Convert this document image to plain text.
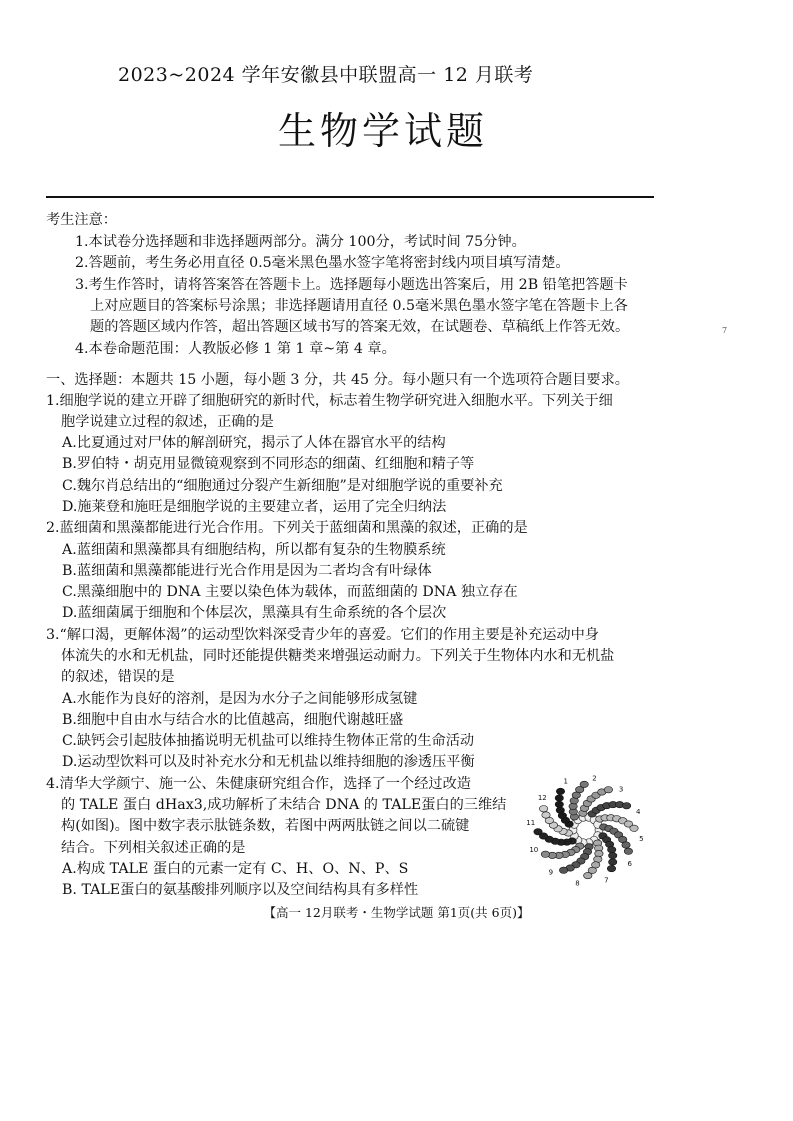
2023~2024 学年安徽县中联盟高一 12 月联考
生物学试题
考生注意：
1.本试卷分选择题和非选择题两部分。满分 100分，考试时间 75分钟。
2.答题前，考生务必用直径 0.5毫米黑色墨水签字笔将密封线内项目填写清楚。
3.考生作答时，请将答案答在答题卡上。选择题每小题选出答案后，用 2B 铅笔把答题卡
上对应题目的答案标号涂黑；非选择题请用直径 0.5毫米黑色墨水签字笔在答题卡上各
题的答题区域内作答，超出答题区域书写的答案无效，在试题卷、草稿纸上作答无效。
4.本卷命题范围：人教版必修 1 第 1 章~第 4 章。
7
一、选择题：本题共 15 小题，每小题 3 分，共 45 分。每小题只有一个选项符合题目要求。
1.细胞学说的建立开辟了细胞研究的新时代，标志着生物学研究进入细胞水平。下列关于细
胞学说建立过程的叙述，正确的是
A.比夏通过对尸体的解剖研究，揭示了人体在器官水平的结构
B.罗伯特・胡克用显微镜观察到不同形态的细菌、红细胞和精子等
C.魏尔肖总结出的“细胞通过分裂产生新细胞”是对细胞学说的重要补充
D.施莱登和施旺是细胞学说的主要建立者，运用了完全归纳法
2.蓝细菌和黑藻都能进行光合作用。下列关于蓝细菌和黑藻的叙述，正确的是
A.蓝细菌和黑藻都具有细胞结构，所以都有复杂的生物膜系统
B.蓝细菌和黑藻都能进行光合作用是因为二者均含有叶绿体
C.黑藻细胞中的 DNA 主要以染色体为载体，而蓝细菌的 DNA 独立存在
D.蓝细菌属于细胞和个体层次，黑藻具有生命系统的各个层次
3.“解口渴，更解体渴”的运动型饮料深受青少年的喜爱。它们的作用主要是补充运动中身
体流失的水和无机盐，同时还能提供糖类来增强运动耐力。下列关于生物体内水和无机盐
的叙述，错误的是
A.水能作为良好的溶剂，是因为水分子之间能够形成氢键
B.细胞中自由水与结合水的比值越高，细胞代谢越旺盛
C.缺钙会引起肢体抽搐说明无机盐可以维持生物体正常的生命活动
D.运动型饮料可以及时补充水分和无机盐以维持细胞的渗透压平衡
4.清华大学颜宁、施一公、朱健康研究组合作，选择了一个经过改造
的 TALE 蛋白 dHax3,成功解析了未结合 DNA 的 TALE蛋白的三维结
构(如图)。图中数字表示肽链条数，若图中两两肽链之间以二硫键
结合。下列相关叙述正确的是
A.构成 TALE 蛋白的元素一定有 C、H、O、N、P、S
B. TALE蛋白的氨基酸排列顺序以及空间结构具有多样性
1	2
3
4
5
6
7
8
9
10
11
12
【高一 12月联考・生物学试题 第1页(共 6页)】
